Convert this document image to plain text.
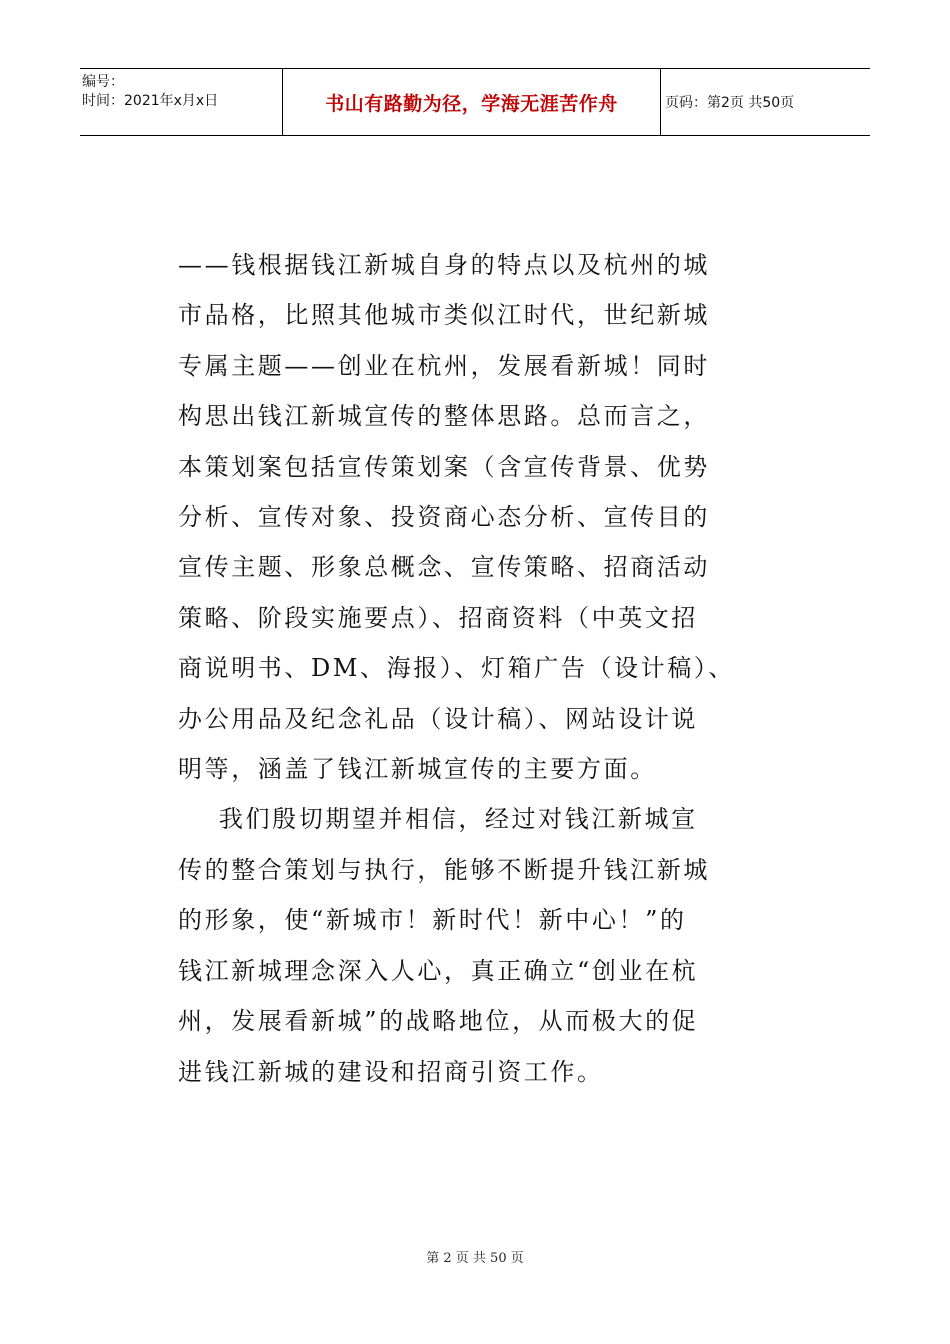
编号：
时间：2021年x月x日	书山有路勤为径，学海无涯苦作舟	页码：第2页 共50页

——钱根据钱江新城自身的特点以及杭州的城

市品格，比照其他城市类似江时代，世纪新城

专属主题——创业在杭州，发展看新城！同时

构思出钱江新城宣传的整体思路。总而言之，

本策划案包括宣传策划案（含宣传背景、优势

分析、宣传对象、投资商心态分析、宣传目的

宣传主题、形象总概念、宣传策略、招商活动

策略、阶段实施要点）、招商资料（中英文招

商说明书、DM、海报）、灯箱广告（设计稿）、

办公用品及纪念礼品（设计稿）、网站设计说

明等，涵盖了钱江新城宣传的主要方面。

我们殷切期望并相信，经过对钱江新城宣

传的整合策划与执行，能够不断提升钱江新城

的形象，使“新城市！新时代！新中心！”的

钱江新城理念深入人心，真正确立“创业在杭

州，发展看新城”的战略地位，从而极大的促

进钱江新城的建设和招商引资工作。

第 2 页 共 50 页
